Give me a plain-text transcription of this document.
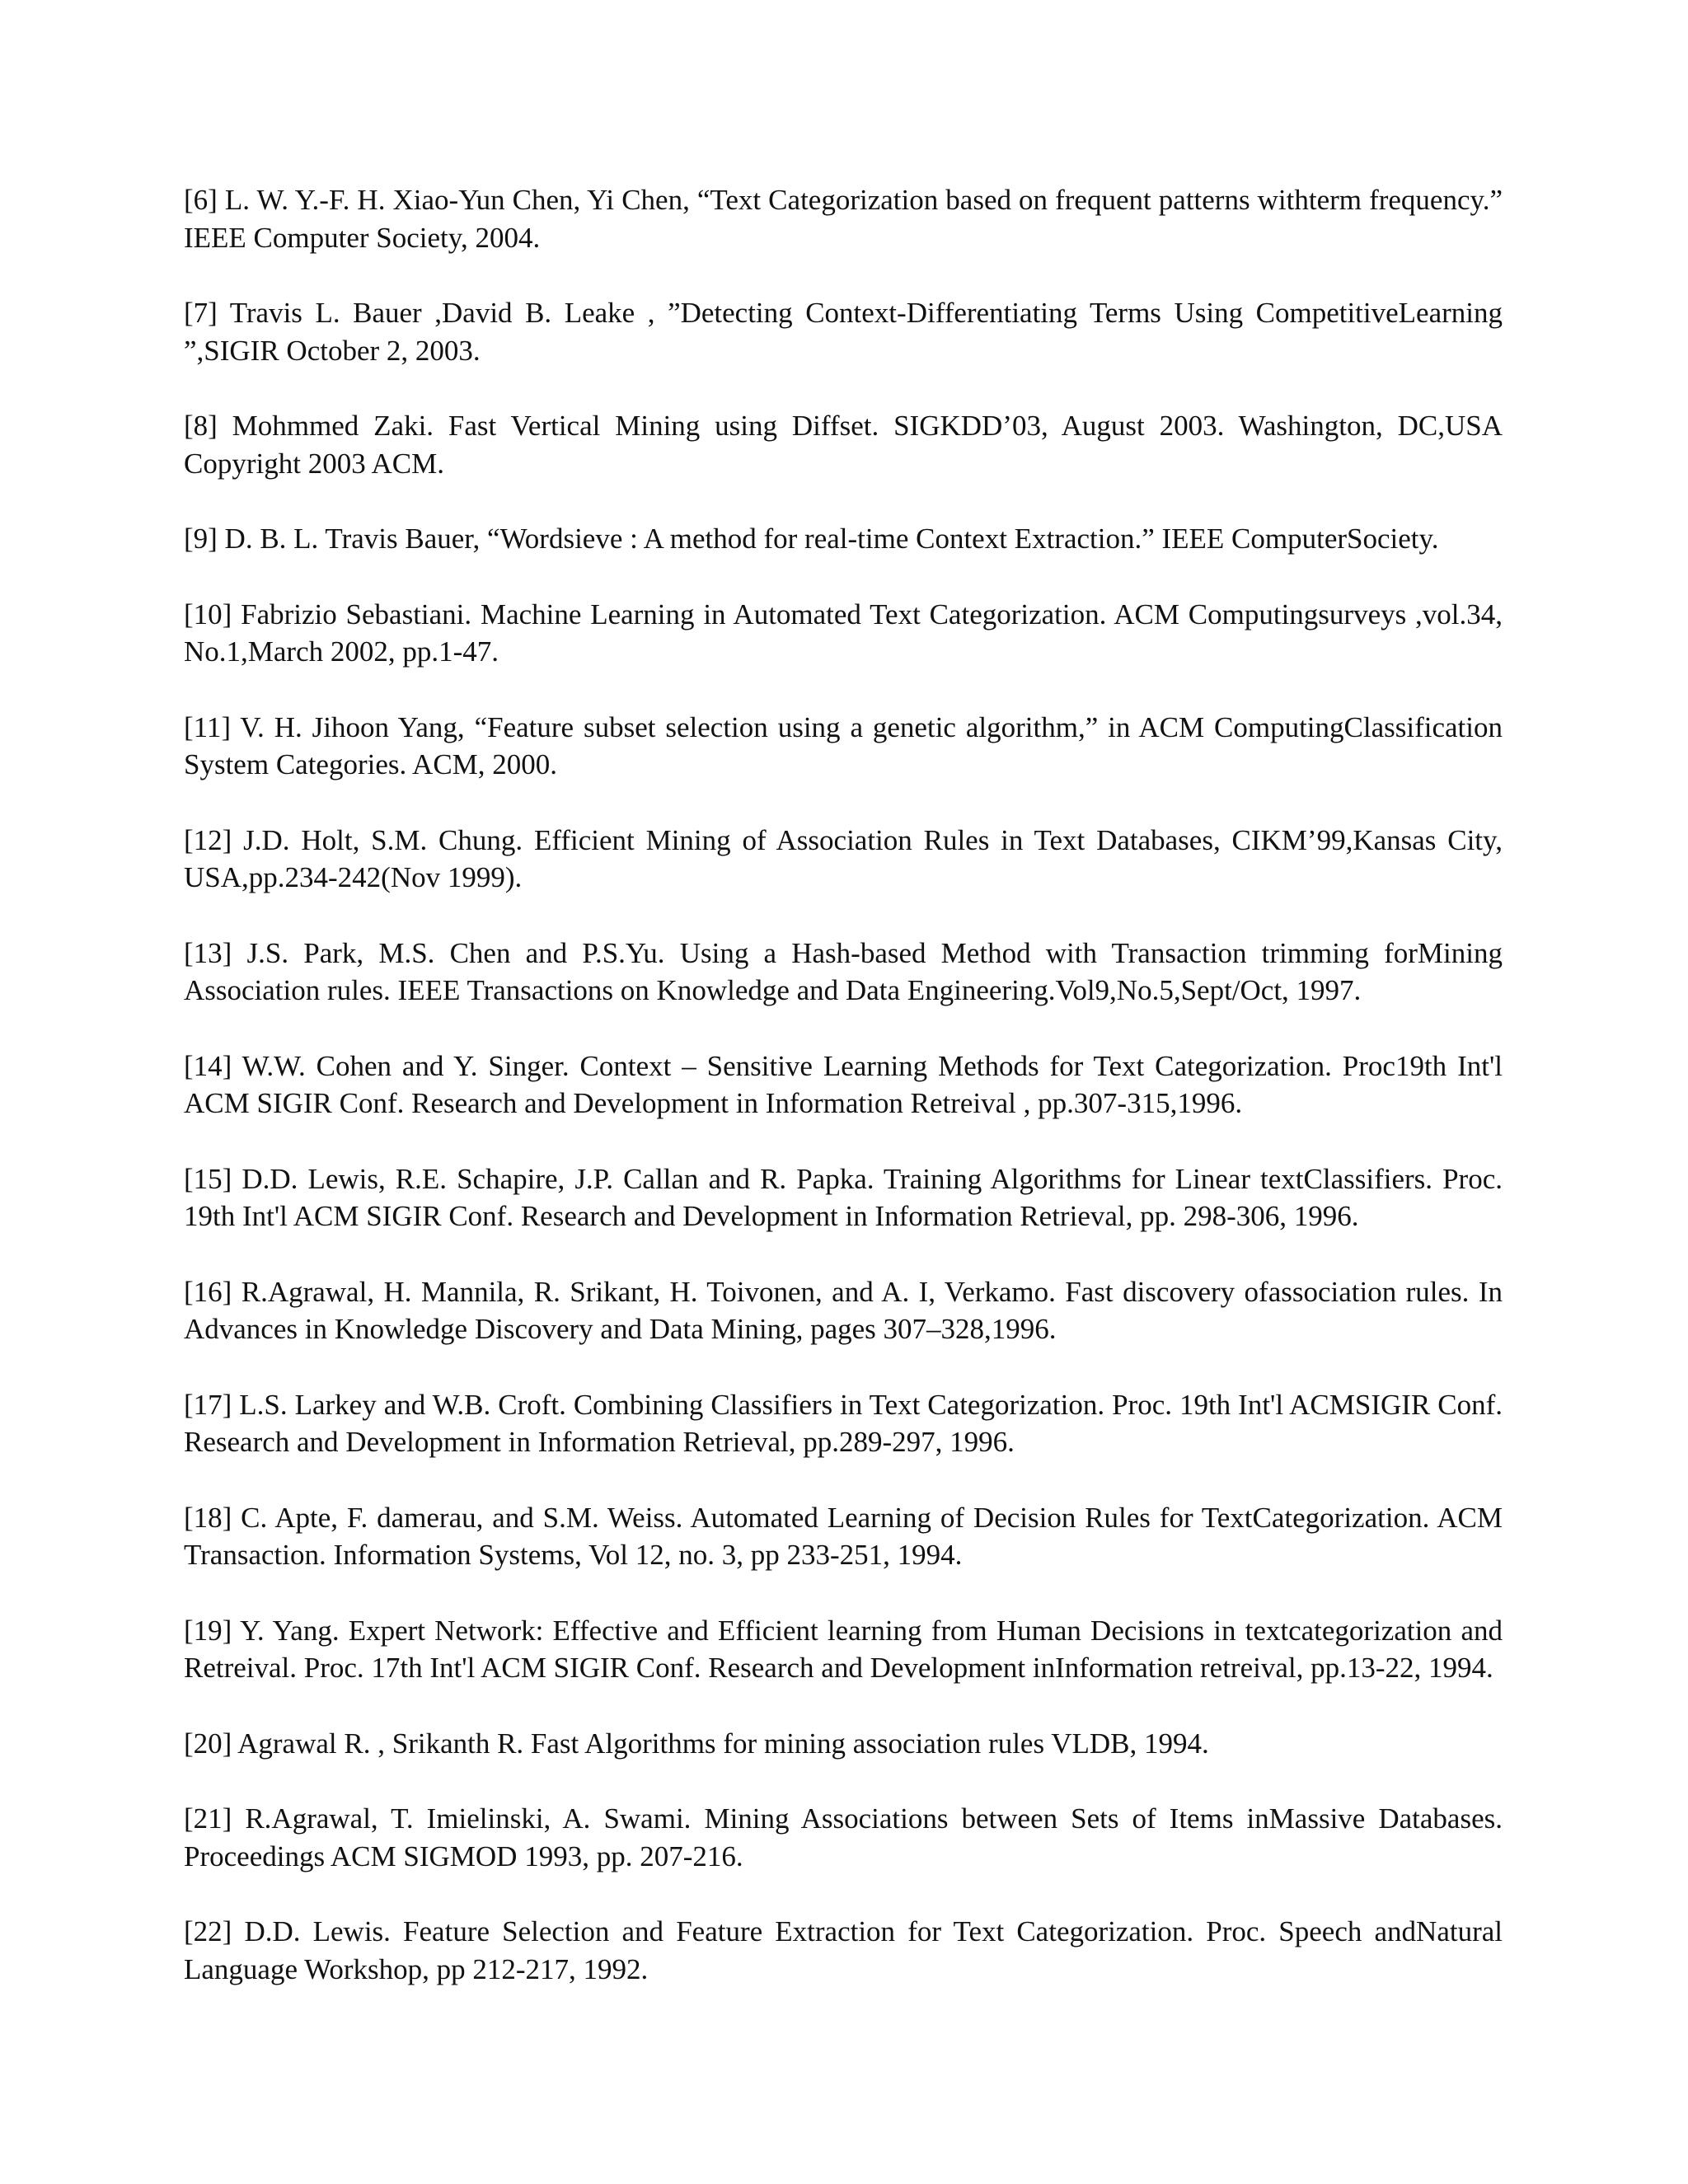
[6] L. W. Y.-F. H. Xiao-Yun Chen, Yi Chen, “Text Categorization based on frequent patterns withterm frequency.” IEEE Computer Society, 2004.
[7] Travis L. Bauer ,David B. Leake , ”Detecting Context-Differentiating Terms Using CompetitiveLearning ”,SIGIR October 2, 2003.
[8] Mohmmed Zaki. Fast Vertical Mining using Diffset. SIGKDD’03, August 2003. Washington, DC,USA Copyright 2003 ACM.
[9] D. B. L. Travis Bauer, “Wordsieve : A method for real-time Context Extraction.” IEEE ComputerSociety.
[10] Fabrizio Sebastiani. Machine Learning in Automated Text Categorization. ACM Computingsurveys ,vol.34, No.1,March 2002, pp.1-47.
[11] V. H. Jihoon Yang, “Feature subset selection using a genetic algorithm,” in ACM ComputingClassification System Categories. ACM, 2000.
[12] J.D. Holt, S.M. Chung. Efficient Mining of Association Rules in Text Databases, CIKM’99,Kansas City, USA,pp.234-242(Nov 1999).
[13] J.S. Park, M.S. Chen and P.S.Yu. Using a Hash-based Method with Transaction trimming forMining Association rules. IEEE Transactions on Knowledge and Data Engineering.Vol9,No.5,Sept/Oct, 1997.
[14] W.W. Cohen and Y. Singer. Context – Sensitive Learning Methods for Text Categorization. Proc19th Int'l ACM SIGIR Conf. Research and Development in Information Retreival , pp.307-315,1996.
[15] D.D. Lewis, R.E. Schapire, J.P. Callan and R. Papka. Training Algorithms for Linear textClassifiers. Proc. 19th Int'l ACM SIGIR Conf. Research and Development in Information Retrieval, pp. 298-306, 1996.
[16] R.Agrawal, H. Mannila, R. Srikant, H. Toivonen, and A. I, Verkamo. Fast discovery ofassociation rules. In Advances in Knowledge Discovery and Data Mining, pages 307–328,1996.
[17] L.S. Larkey and W.B. Croft. Combining Classifiers in Text Categorization. Proc. 19th Int'l ACMSIGIR Conf. Research and Development in Information Retrieval, pp.289-297, 1996.
[18] C. Apte, F. damerau, and S.M. Weiss. Automated Learning of Decision Rules for TextCategorization. ACM Transaction. Information Systems, Vol 12, no. 3, pp 233-251, 1994.
[19] Y. Yang. Expert Network: Effective and Efficient learning from Human Decisions in textcategorization and Retreival. Proc. 17th Int'l ACM SIGIR Conf. Research and Development inInformation retreival, pp.13-22, 1994.
[20] Agrawal R. , Srikanth R. Fast Algorithms for mining association rules VLDB, 1994.
[21] R.Agrawal, T. Imielinski, A. Swami. Mining Associations between Sets of Items inMassive Databases. Proceedings ACM SIGMOD 1993, pp. 207-216.
[22] D.D. Lewis. Feature Selection and Feature Extraction for Text Categorization. Proc. Speech andNatural Language Workshop, pp 212-217, 1992.
